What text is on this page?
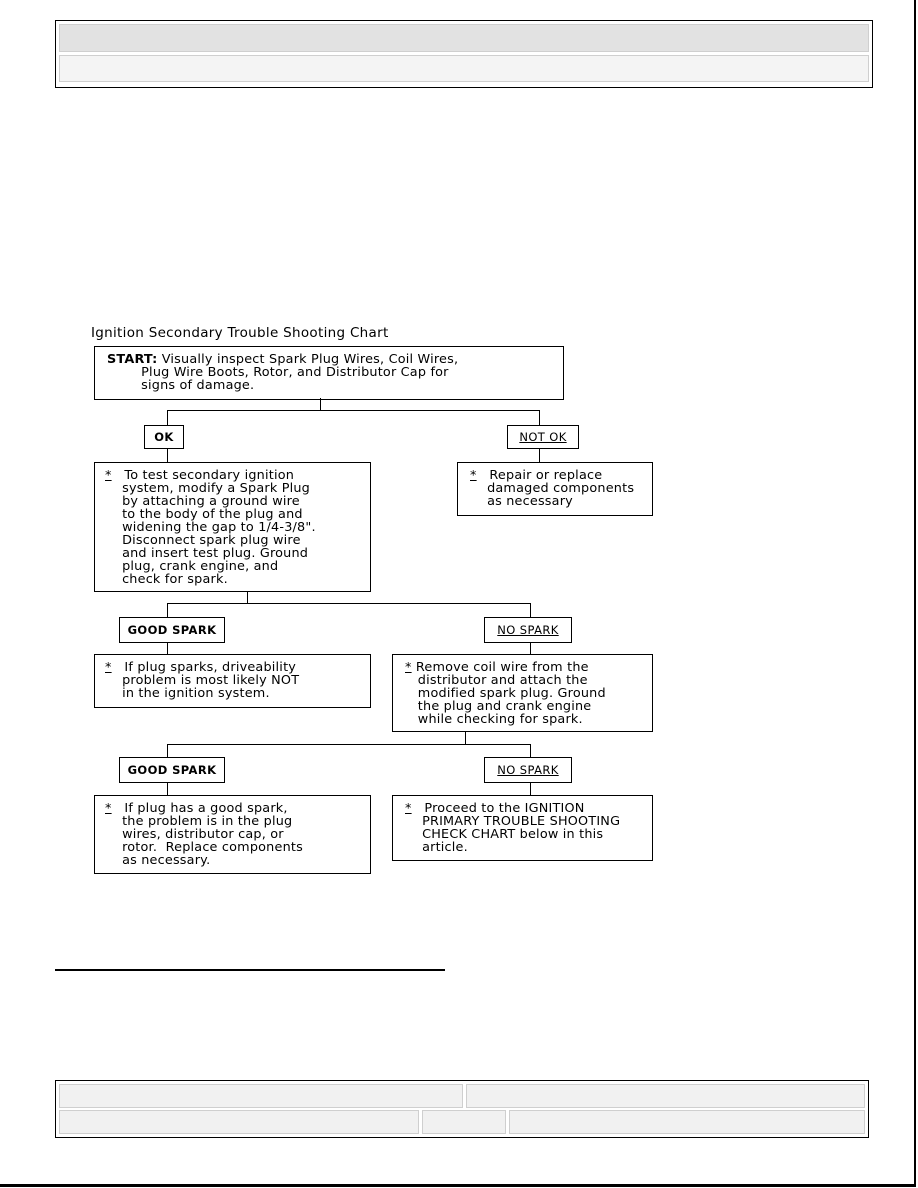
Ignition Secondary Trouble Shooting Chart

START: Visually inspect Spark Plug Wires, Coil Wires,
Plug Wire Boots, Rotor, and Distributor Cap for
signs of damage.

OK	NOT OK

*   To test secondary ignition
system, modify a Spark Plug
by attaching a ground wire
to the body of the plug and
widening the gap to 1/4-3/8".
Disconnect spark plug wire
and insert test plug. Ground
plug, crank engine, and
check for spark.

*   Repair or replace
damaged components
as necessary

GOOD SPARK	NO SPARK

*   If plug sparks, driveability
problem is most likely NOT
in the ignition system.

* Remove coil wire from the
distributor and attach the
modified spark plug. Ground
the plug and crank engine
while checking for spark.

GOOD SPARK	NO SPARK

*   If plug has a good spark,
the problem is in the plug
wires, distributor cap, or
rotor.  Replace components
as necessary.

*   Proceed to the IGNITION
PRIMARY TROUBLE SHOOTING
CHECK CHART below in this
article.
